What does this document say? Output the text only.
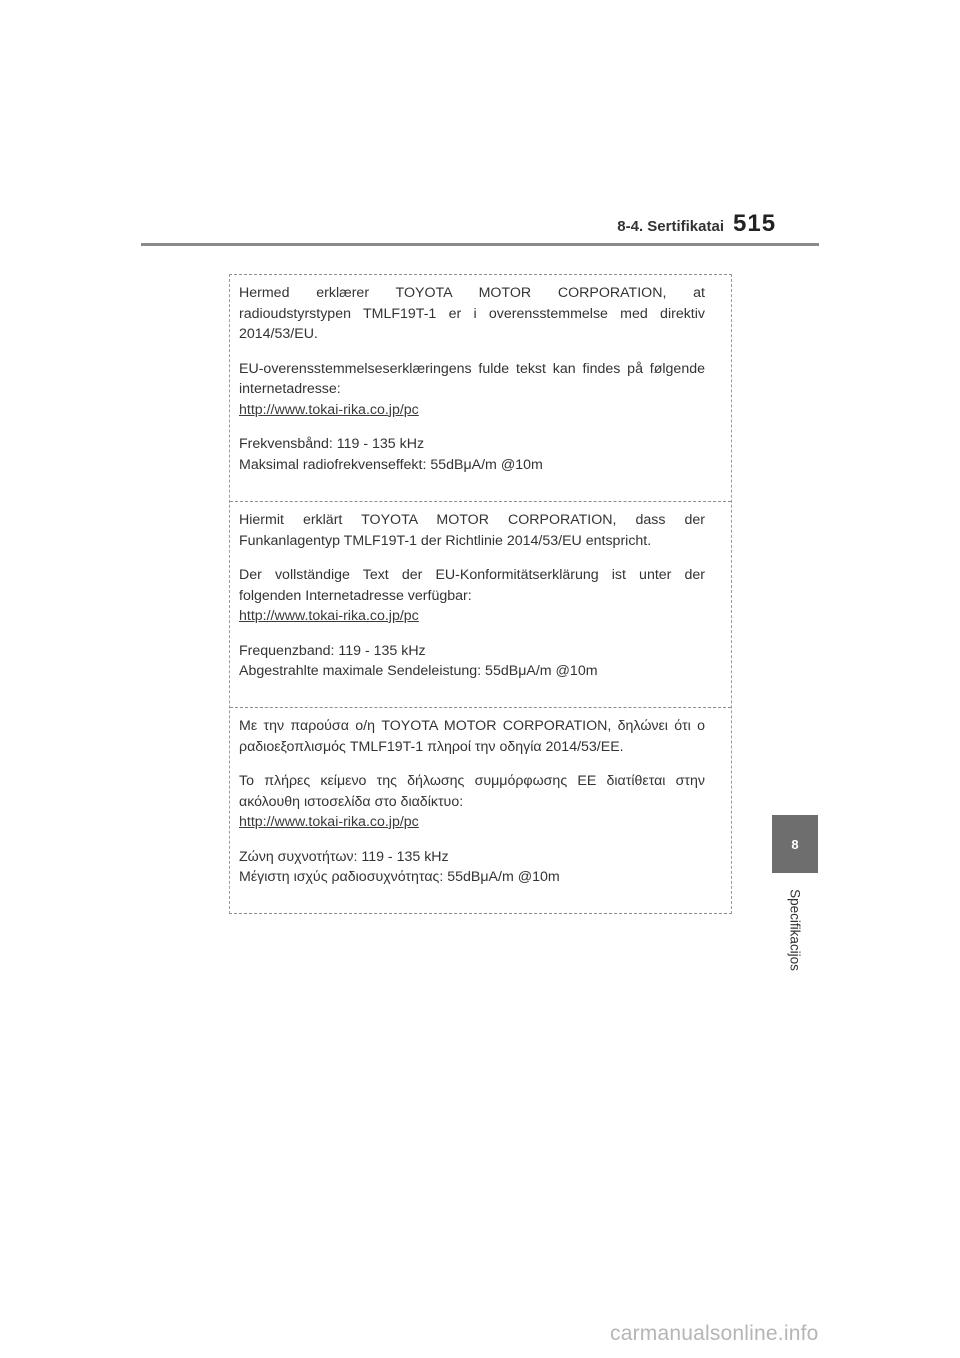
8-4. Sertifikatai 515

Hermed erklærer TOYOTA MOTOR CORPORATION, at radioudstyrstypen TMLF19T-1 er i overensstemmelse med direktiv 2014/53/EU.

EU-overensstemmelseserklæringens fulde tekst kan findes på følgende internetadresse:

http://www.tokai-rika.co.jp/pc
Frekvensbånd: 119 - 135 kHz
Maksimal radiofrekvenseffekt: 55dBμA/m @10m

Hiermit erklärt TOYOTA MOTOR CORPORATION, dass der Funkanlagentyp TMLF19T-1 der Richtlinie 2014/53/EU entspricht.

Der vollständige Text der EU-Konformitätserklärung ist unter der folgenden Internetadresse verfügbar:

http://www.tokai-rika.co.jp/pc
Frequenzband: 119 - 135 kHz
Abgestrahlte maximale Sendeleistung: 55dBμA/m @10m

Με την παρούσα ο/η TOYOTA MOTOR CORPORATION, δηλώνει ότι ο ραδιοεξοπλισμός TMLF19T-1 πληροί την οδηγία 2014/53/ΕΕ.

Το πλήρες κείμενο της δήλωσης συμμόρφωσης ΕΕ διατίθεται στην ακόλουθη ιστοσελίδα στο διαδίκτυο:

http://www.tokai-rika.co.jp/pc
Ζώνη συχνοτήτων: 119 - 135 kHz
Μέγιστη ισχύς ραδιοσυχνότητας: 55dBμA/m @10m
8
Specifikacijos
carmanualsonline.info
